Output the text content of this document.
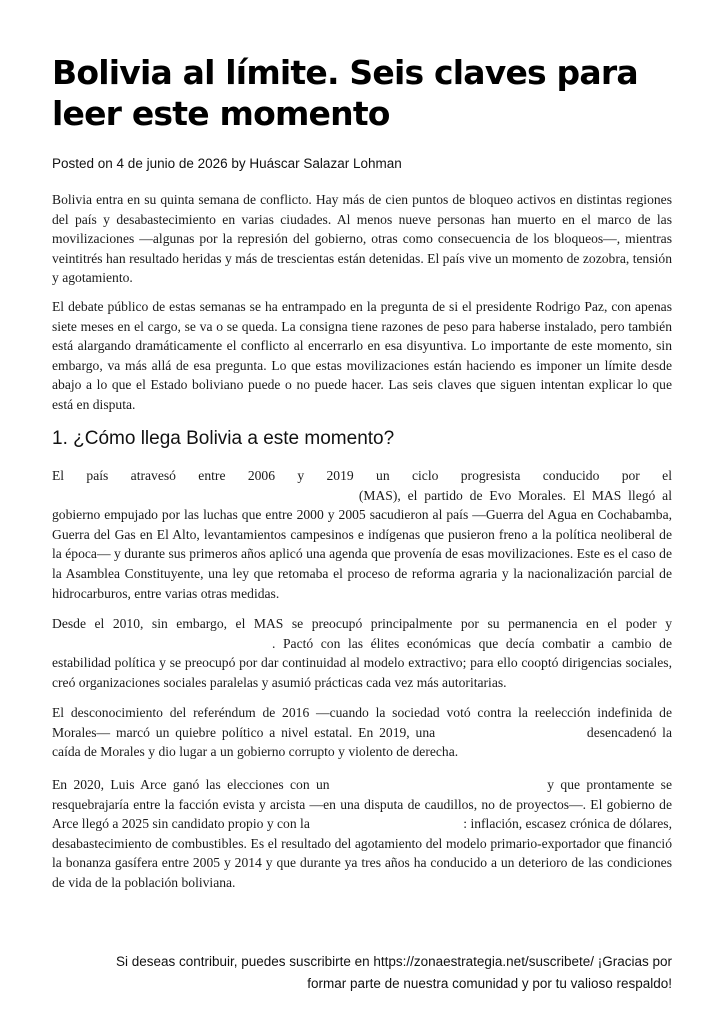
Bolivia al límite. Seis claves para leer este momento

Posted on 4 de junio de 2026 by Huáscar Salazar Lohman

Bolivia entra en su quinta semana de conflicto. Hay más de cien puntos de bloqueo activos en distintas regiones del país y desabastecimiento en varias ciudades. Al menos nueve personas han muerto en el marco de las movilizaciones —algunas por la represión del gobierno, otras como consecuencia de los bloqueos—, mientras veintitrés han resultado heridas y más de trescientas están detenidas. El país vive un momento de zozobra, tensión y agotamiento.

El debate público de estas semanas se ha entrampado en la pregunta de si el presidente Rodrigo Paz, con apenas siete meses en el cargo, se va o se queda. La consigna tiene razones de peso para haberse instalado, pero también está alargando dramáticamente el conflicto al encerrarlo en esa disyuntiva. Lo importante de este momento, sin embargo, va más allá de esa pregunta. Lo que estas movilizaciones están haciendo es imponer un límite desde abajo a lo que el Estado boliviano puede o no puede hacer. Las seis claves que siguen intentan explicar lo que está en disputa.

1. ¿Cómo llega Bolivia a este momento?

El país atravesó entre 2006 y 2019 un ciclo progresista conducido por el (MAS), el partido de Evo Morales. El MAS llegó al gobierno empujado por las luchas que entre 2000 y 2005 sacudieron al país —Guerra del Agua en Cochabamba, Guerra del Gas en El Alto, levantamientos campesinos e indígenas que pusieron freno a la política neoliberal de la época— y durante sus primeros años aplicó una agenda que provenía de esas movilizaciones. Este es el caso de la Asamblea Constituyente, una ley que retomaba el proceso de reforma agraria y la nacionalización parcial de hidrocarburos, entre varias otras medidas.

Desde el 2010, sin embargo, el MAS se preocupó principalmente por su permanencia en el poder y . Pactó con las élites económicas que decía combatir a cambio de estabilidad política y se preocupó por dar continuidad al modelo extractivo; para ello cooptó dirigencias sociales, creó organizaciones sociales paralelas y asumió prácticas cada vez más autoritarias.

El desconocimiento del referéndum de 2016 —cuando la sociedad votó contra la reelección indefinida de Morales— marcó un quiebre político a nivel estatal. En 2019, una	desencadenó la caída de Morales y dio lugar a un gobierno corrupto y violento de derecha.

En 2020, Luis Arce ganó las elecciones con un	y que prontamente se resquebrajaría entre la facción evista y arcista —en una disputa de caudillos, no de proyectos—. El gobierno de Arce llegó a 2025 sin candidato propio y con la	: inflación, escasez crónica de dólares, desabastecimiento de combustibles. Es el resultado del agotamiento del modelo primario-exportador que financió la bonanza gasífera entre 2005 y 2014 y que durante ya tres años ha conducido a un deterioro de las condiciones de vida de la población boliviana.

Si deseas contribuir, puedes suscribirte en https://zonaestrategia.net/suscribete/ ¡Gracias por
formar parte de nuestra comunidad y por tu valioso respaldo!
